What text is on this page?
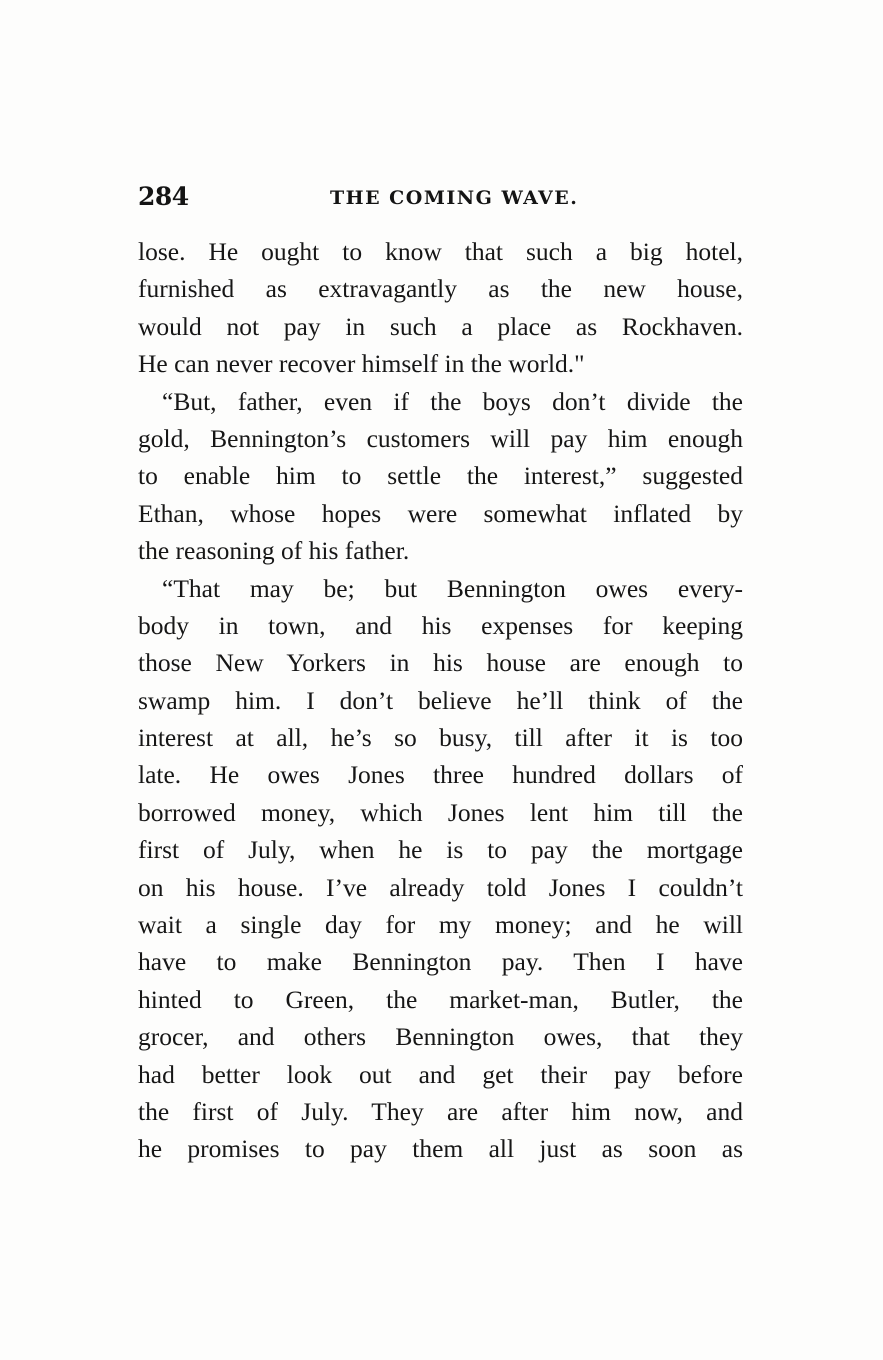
284	THE COMING WAVE.
lose. He ought to know that such a big hotel,
furnished as extravagantly as the new house,
would not pay in such a place as Rockhaven.
He can never recover himself in the world."
“But, father, even if the boys don’t divide the
gold, Bennington’s customers will pay him enough
to enable him to settle the interest,” suggested
Ethan, whose hopes were somewhat inflated by
the reasoning of his father.
“That may be; but Bennington owes every-
body in town, and his expenses for keeping
those New Yorkers in his house are enough to
swamp him. I don’t believe he’ll think of the
interest at all, he’s so busy, till after it is too
late. He owes Jones three hundred dollars of
borrowed money, which Jones lent him till the
first of July, when he is to pay the mortgage
on his house. I’ve already told Jones I couldn’t
wait a single day for my money; and he will
have to make Bennington pay. Then I have
hinted to Green, the market-man, Butler, the
grocer, and others Bennington owes, that they
had better look out and get their pay before
the first of July. They are after him now, and
he promises to pay them all just as soon as
